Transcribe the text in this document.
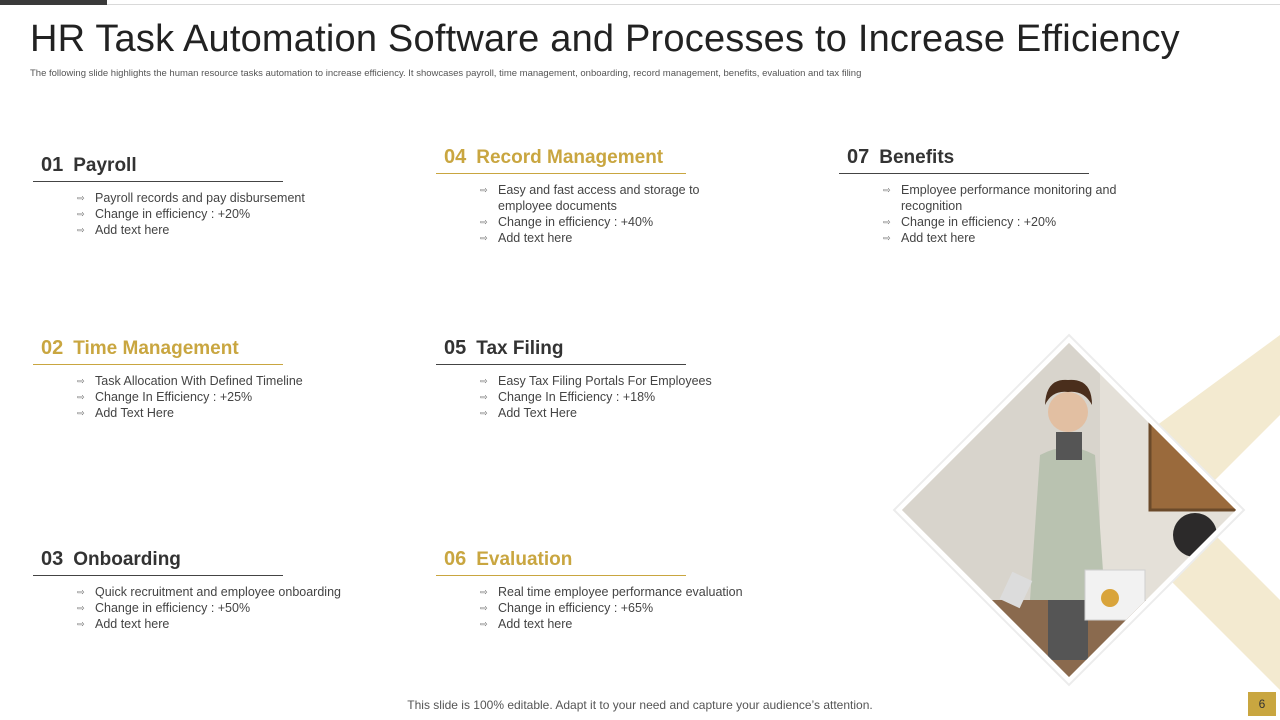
HR Task Automation Software and Processes to Increase Efficiency

The following slide highlights the human resource tasks automation to increase efficiency. It showcases payroll, time management, onboarding, record management, benefits, evaluation and tax filing

01 Payroll
⇨ Payroll records and pay disbursement
⇨ Change in efficiency : +20%
⇨ Add text here
02 Time Management
⇨ Task Allocation With Defined Timeline
⇨ Change In Efficiency : +25%
⇨ Add Text Here
03 Onboarding
⇨ Quick recruitment and employee onboarding
⇨ Change in efficiency : +50%
⇨ Add text here
04 Record Management
⇨ Easy and fast access and storage to employee documents
⇨ Change in efficiency : +40%
⇨ Add text here
05 Tax Filing
⇨ Easy Tax Filing Portals For Employees
⇨ Change In Efficiency : +18%
⇨ Add Text Here
06 Evaluation
⇨ Real time employee performance evaluation
⇨ Change in efficiency : +65%
⇨ Add text here
07 Benefits
⇨ Employee performance monitoring and recognition
⇨ Change in efficiency : +20%
⇨ Add text here
This slide is 100% editable. Adapt it to your need and capture your audience’s attention.	6
